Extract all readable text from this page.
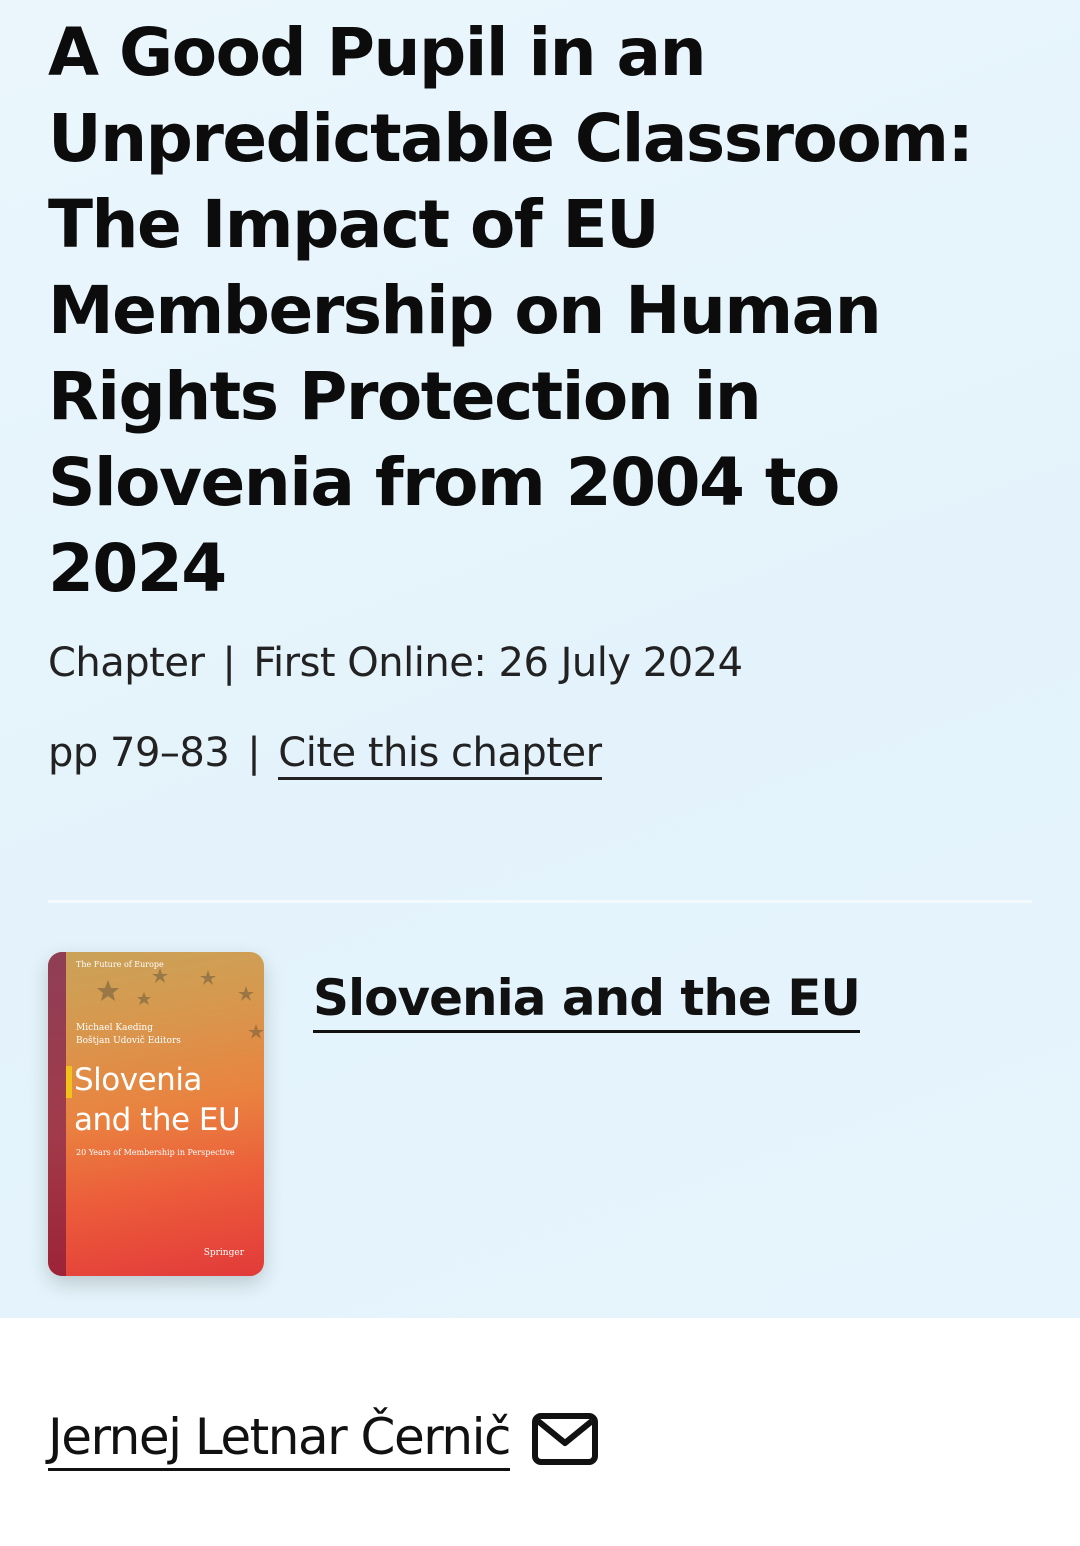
A Good Pupil in an Unpredictable Classroom: The Impact of EU Membership on Human Rights Protection in Slovenia from 2004 to 2024
Chapter | First Online: 26 July 2024
pp 79–83 | Cite this chapter
The Future of Europe
Michael Kaeding
Boštjan Udovič Editors
Slovenia
and the EU
20 Years of Membership in Perspective
Springer
Slovenia and the EU
Jernej Letnar Černič
